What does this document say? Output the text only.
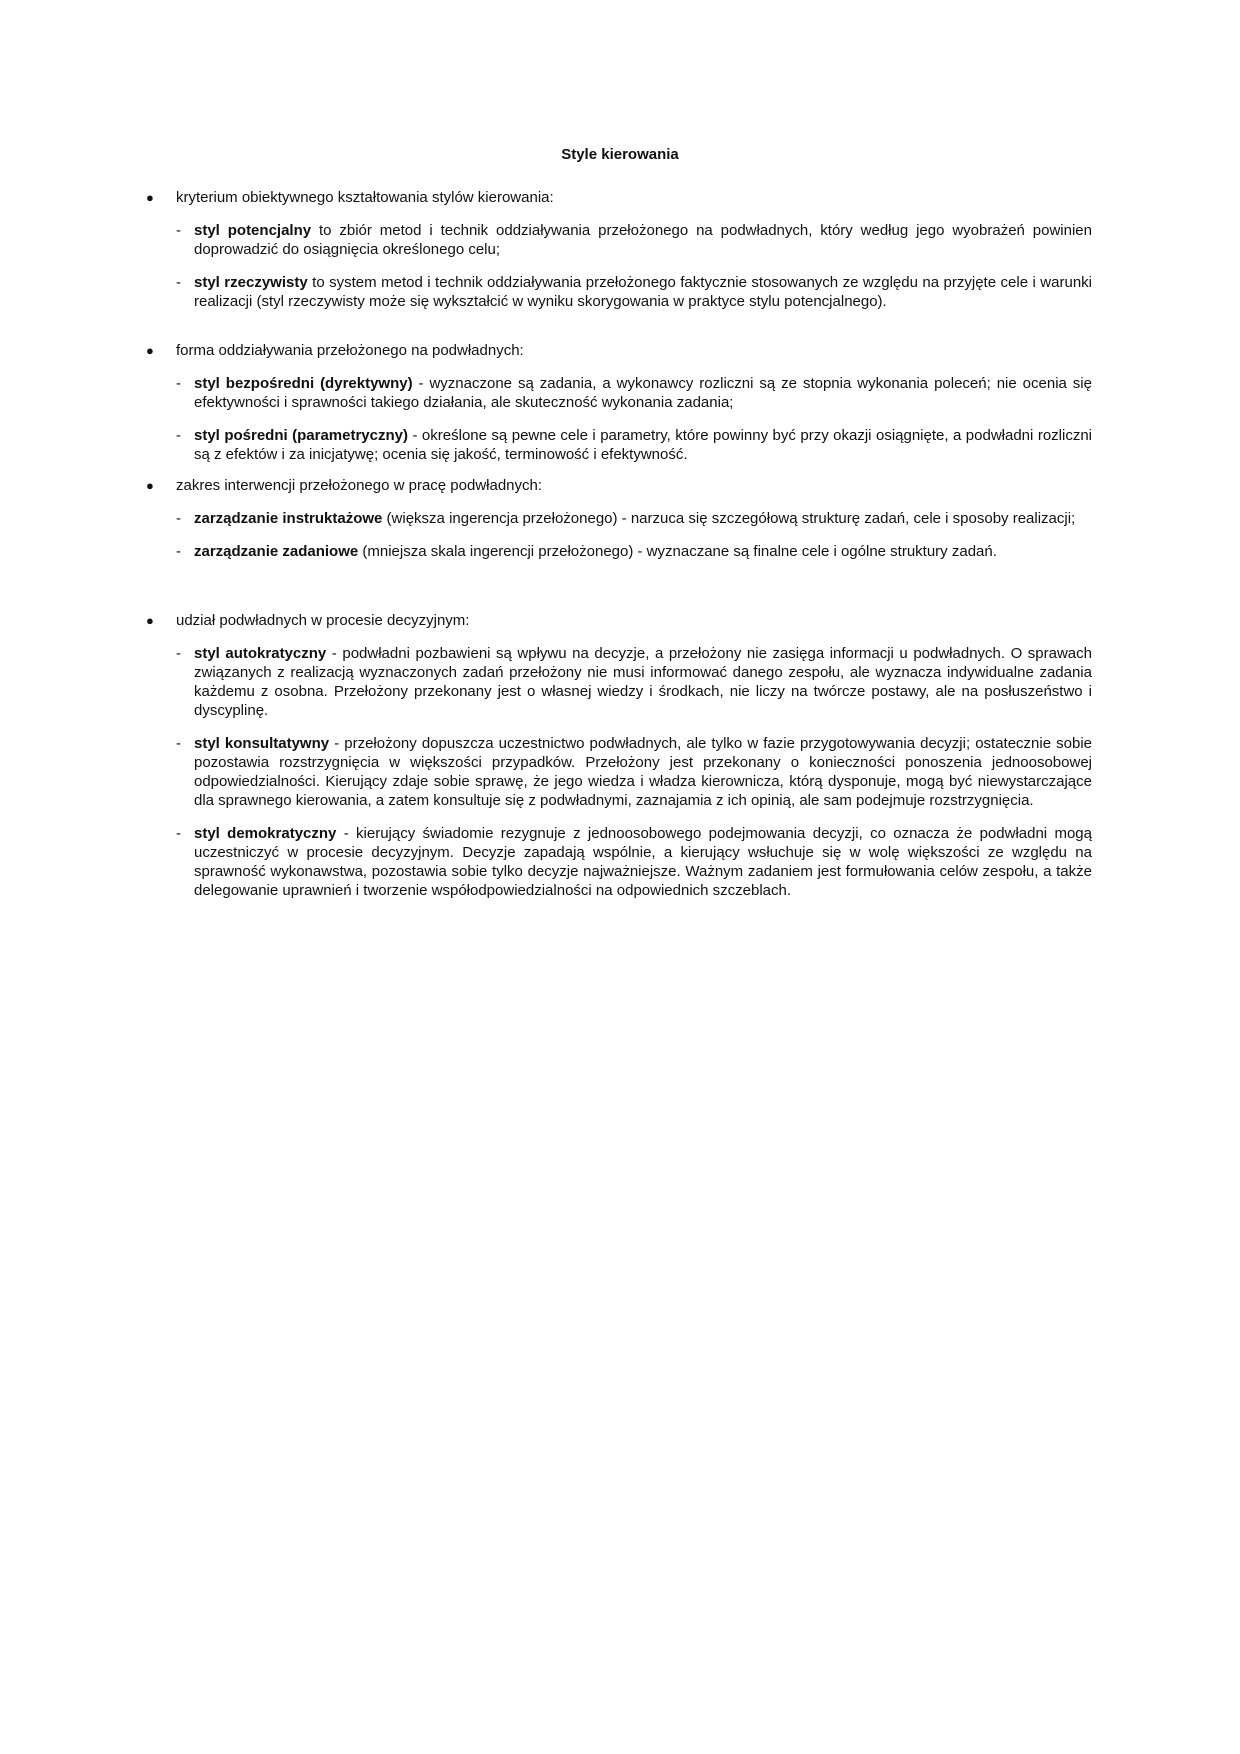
Style kierowania
● kryterium obiektywnego kształtowania stylów kierowania:
- styl potencjalny to zbiór metod i technik oddziaływania przełożonego na podwładnych, który według jego wyobrażeń powinien doprowadzić do osiągnięcia określonego celu;
- styl rzeczywisty to system metod i technik oddziaływania przełożonego faktycznie stosowanych ze względu na przyjęte cele i warunki realizacji (styl rzeczywisty może się wykształcić w wyniku skorygowania w praktyce stylu potencjalnego).
● forma oddziaływania przełożonego na podwładnych:
- styl bezpośredni (dyrektywny) - wyznaczone są zadania, a wykonawcy rozliczni są ze stopnia wykonania poleceń; nie ocenia się efektywności i sprawności takiego działania, ale skuteczność wykonania zadania;
- styl pośredni (parametryczny) - określone są pewne cele i parametry, które powinny być przy okazji osiągnięte, a podwładni rozliczni są z efektów i za inicjatywę; ocenia się jakość, terminowość i efektywność.
● zakres interwencji przełożonego w pracę podwładnych:
- zarządzanie instruktażowe (większa ingerencja przełożonego) - narzuca się szczegółową strukturę zadań, cele i sposoby realizacji;
- zarządzanie zadaniowe (mniejsza skala ingerencji przełożonego) - wyznaczane są finalne cele i ogólne struktury zadań.
● udział podwładnych w procesie decyzyjnym:
- styl autokratyczny - podwładni pozbawieni są wpływu na decyzje, a przełożony nie zasięga informacji u podwładnych. O sprawach związanych z realizacją wyznaczonych zadań przełożony nie musi informować danego zespołu, ale wyznacza indywidualne zadania każdemu z osobna. Przełożony przekonany jest o własnej wiedzy i środkach, nie liczy na twórcze postawy, ale na posłuszeństwo i dyscyplinę.
- styl konsultatywny - przełożony dopuszcza uczestnictwo podwładnych, ale tylko w fazie przygotowywania decyzji; ostatecznie sobie pozostawia rozstrzygnięcia w większości przypadków. Przełożony jest przekonany o konieczności ponoszenia jednoosobowej odpowiedzialności. Kierujący zdaje sobie sprawę, że jego wiedza i władza kierownicza, którą dysponuje, mogą być niewystarczające dla sprawnego kierowania, a zatem konsultuje się z podwładnymi, zaznajamia z ich opinią, ale sam podejmuje rozstrzygnięcia.
- styl demokratyczny - kierujący świadomie rezygnuje z jednoosobowego podejmowania decyzji, co oznacza że podwładni mogą uczestniczyć w procesie decyzyjnym. Decyzje zapadają wspólnie, a kierujący wsłuchuje się w wolę większości ze względu na sprawność wykonawstwa, pozostawia sobie tylko decyzje najważniejsze. Ważnym zadaniem jest formułowania celów zespołu, a także delegowanie uprawnień i tworzenie współodpowiedzialności na odpowiednich szczeblach.
